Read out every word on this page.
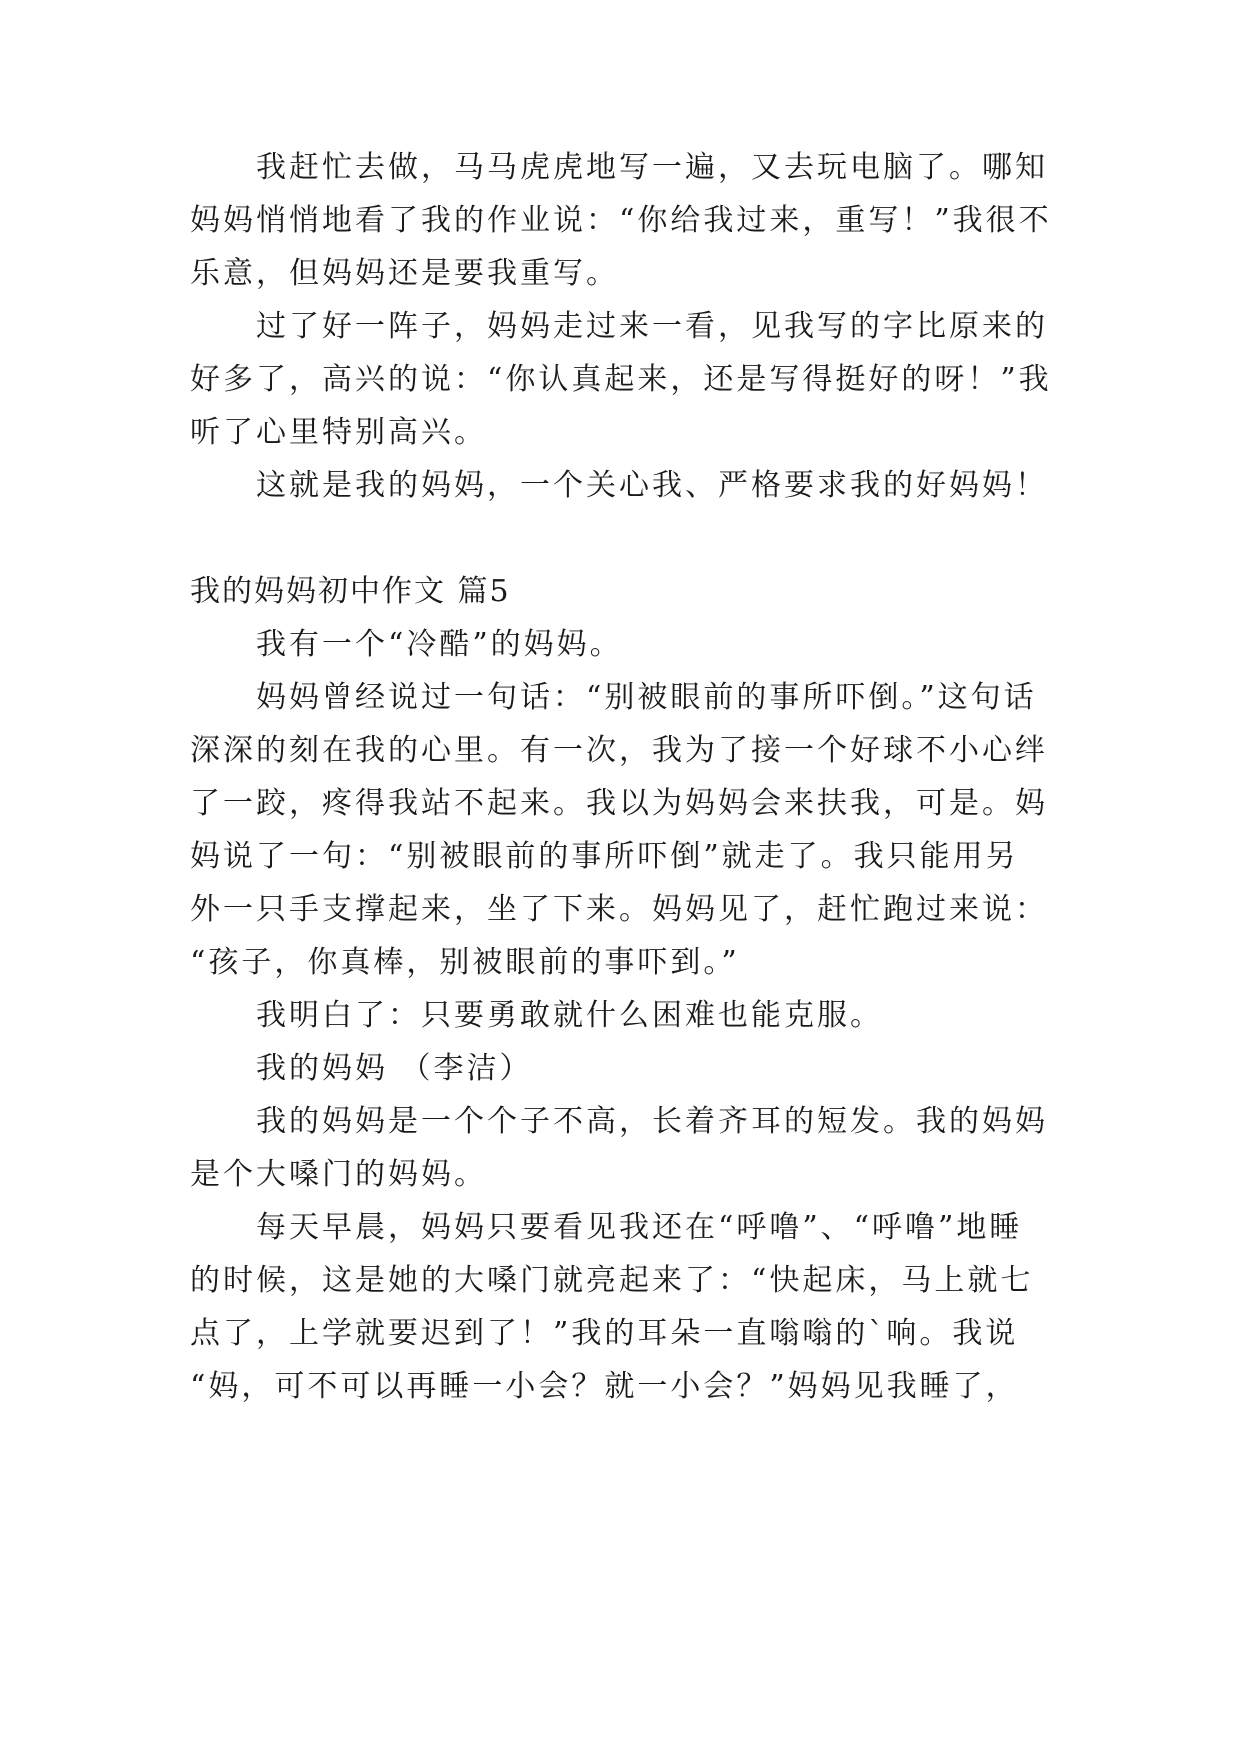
我赶忙去做，马马虎虎地写一遍，又去玩电脑了。哪知
妈妈悄悄地看了我的作业说：“你给我过来，重写！”我很不
乐意，但妈妈还是要我重写。
过了好一阵子，妈妈走过来一看，见我写的字比原来的
好多了，高兴的说：“你认真起来，还是写得挺好的呀！”我
听了心里特别高兴。
这就是我的妈妈，一个关心我、严格要求我的好妈妈！
我的妈妈初中作文 篇5
我有一个“冷酷”的妈妈。
妈妈曾经说过一句话：“别被眼前的事所吓倒。”这句话
深深的刻在我的心里。有一次，我为了接一个好球不小心绊
了一跤，疼得我站不起来。我以为妈妈会来扶我，可是。妈
妈说了一句：“别被眼前的事所吓倒”就走了。我只能用另
外一只手支撑起来，坐了下来。妈妈见了，赶忙跑过来说：
“孩子，你真棒，别被眼前的事吓到。”
我明白了：只要勇敢就什么困难也能克服。
我的妈妈 （李洁）
我的妈妈是一个个子不高，长着齐耳的短发。我的妈妈
是个大嗓门的妈妈。
每天早晨，妈妈只要看见我还在“呼噜”、“呼噜”地睡
的时候，这是她的大嗓门就亮起来了：“快起床，马上就七
点了，上学就要迟到了！”我的耳朵一直嗡嗡的`响。我说
“妈，可不可以再睡一小会？就一小会？”妈妈见我睡了，
